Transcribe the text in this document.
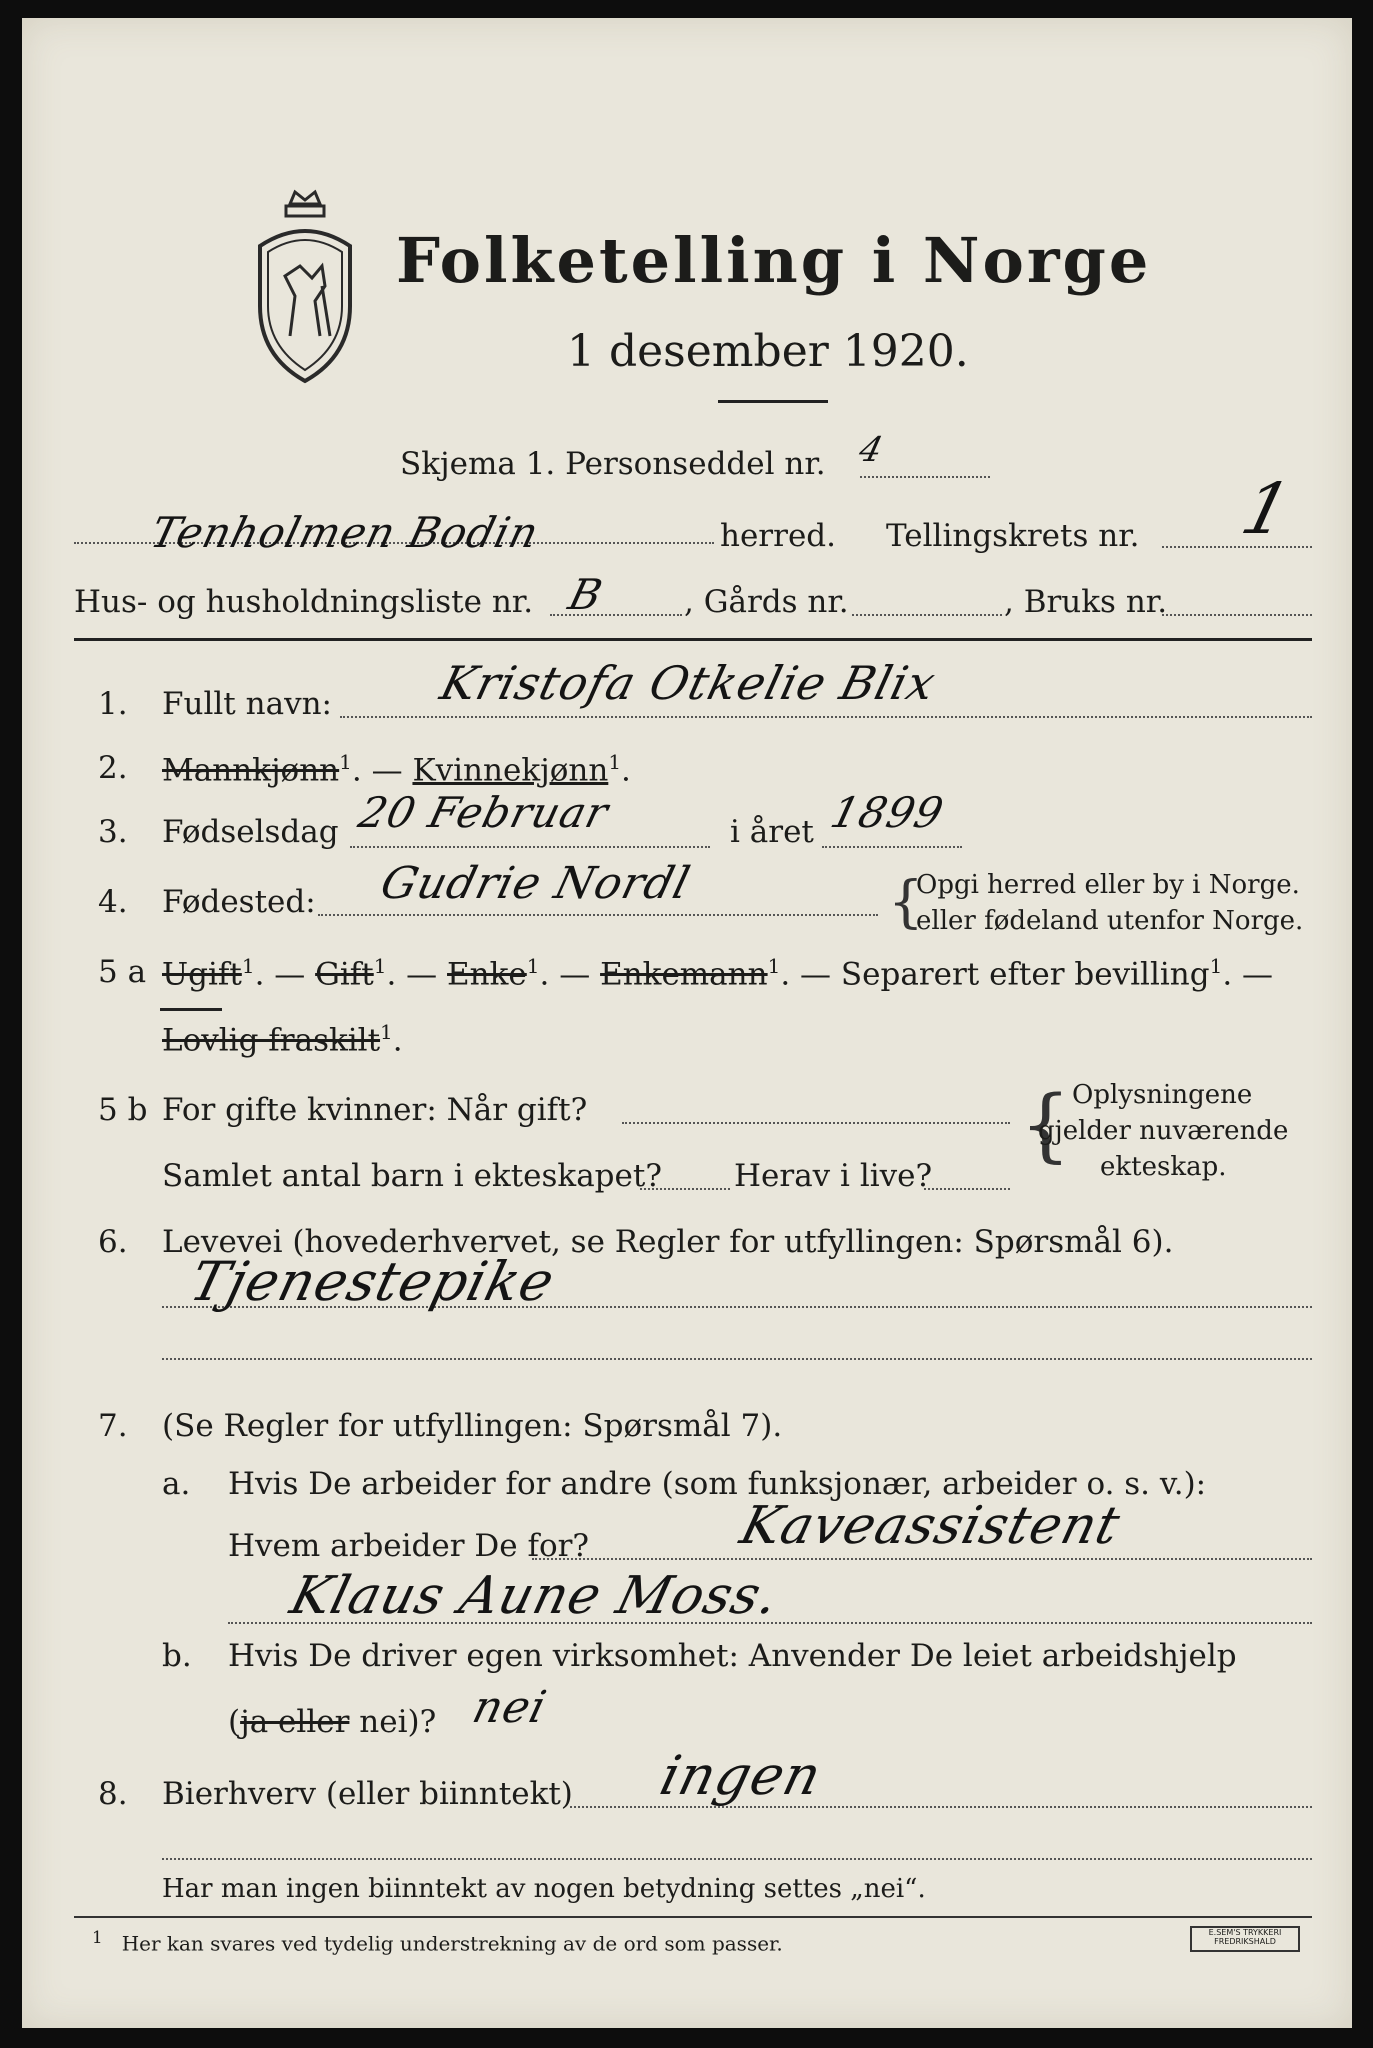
Folketelling i Norge
1 desember 1920.
Skjema 1. Personseddel nr. 4
Tenholmen Bodin	herred. Tellingskrets nr. 1
Hus- og husholdningsliste nr. B , Gårds nr.	, Bruks nr.
1. Fullt navn: Kristofa Otkelie Blix
2. Mannkjønn$^1$. — Kvinnekjønn$^1$.
3. Fødselsdag 20 Februar	i året 1899
4. Fødested: Gudrie Nordl	{
Opgi herred eller by i Norge.
eller fødeland utenfor Norge.
5 a Ugift$^1$. — Gift$^1$. — Enke$^1$. — Enkemann$^1$. — Separert efter bevilling$^1$. —
Lovlig fraskilt$^1$.
5 b For gifte kvinner: Når gift?
Samlet antal barn i ekteskapet? Herav i live?
{ Oplysningene
gjelder nuværende
ekteskap.
6. Levevei (hovederhvervet, se Regler for utfyllingen: Spørsmål 6).
Tjenestepike
7. (Se Regler for utfyllingen: Spørsmål 7).
a. Hvis De arbeider for andre (som funksjonær, arbeider o. s. v.):
Hvem arbeider De for?	Kaveassistent
Klaus Aune Moss.
b. Hvis De driver egen virksomhet: Anvender De leiet arbeidshjelp
(ja eller nei)? nei
8. Bierhverv (eller biinntekt) ingen
Har man ingen biinntekt av nogen betydning settes „nei“.
$^1$ Her kan svares ved tydelig understrekning av de ord som passer.	E.SEM'S TRYKKERI FREDRIKSHALD
